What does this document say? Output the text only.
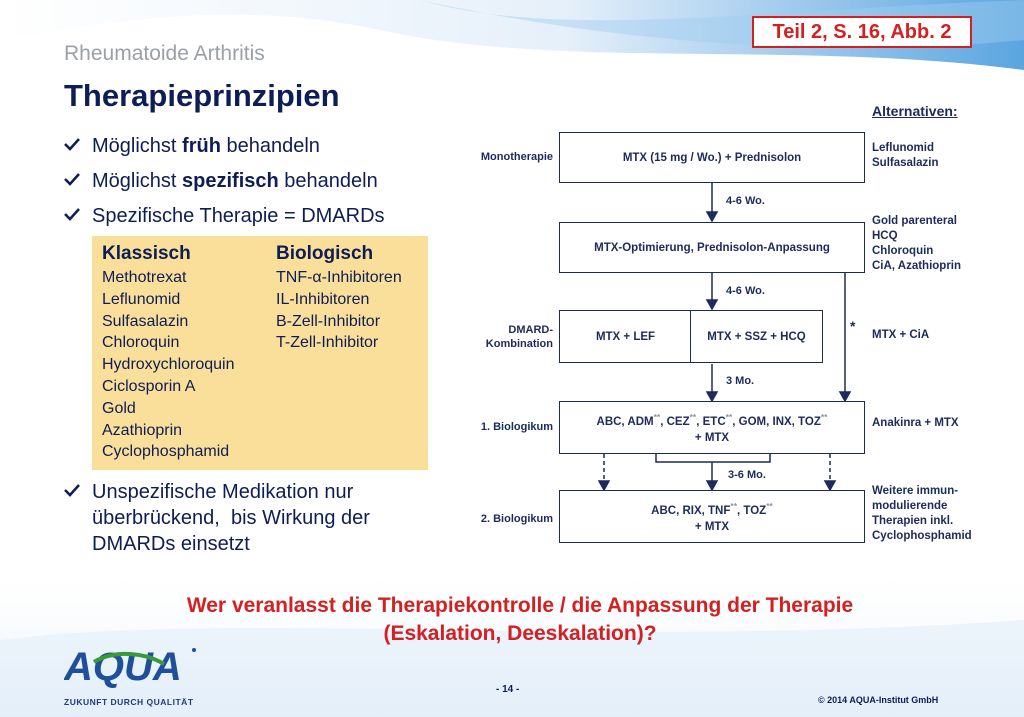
Teil 2, S. 16, Abb. 2
Rheumatoide Arthritis
Therapieprinzipien
Möglichst früh behandeln
Möglichst spezifisch behandeln
Spezifische Therapie = DMARDs
Klassisch
Methotrexat
Leflunomid
Sulfasalazin
Chloroquin
Hydroxychloroquin
Ciclosporin A
Gold
Azathioprin
Cyclophosphamid
Biologisch
TNF-α-Inhibitoren
IL-Inhibitoren
B-Zell-Inhibitor
T-Zell-Inhibitor
Unspezifische Medikation nur
überbrückend,  bis Wirkung der
DMARDs einsetzt
Alternativen:
Monotherapie	MTX (15 mg / Wo.) + Prednisolon
Leflunomid
Sulfasalazin
4-6 Wo.
MTX-Optimierung, Prednisolon-Anpassung
Gold parenteral
HCQ
Chloroquin
CiA, Azathioprin
4-6 Wo.
DMARD-
Kombination
MTX + LEF	MTX + SSZ + HCQ
*
MTX + CiA
3 Mo.
1. Biologikum	ABC, ADM**, CEZ**, ETC**, GOM, INX, TOZ**
+ MTX
Anakinra + MTX
3-6 Mo.
2. Biologikum
ABC, RIX, TNF**, TOZ**
+ MTX
Weitere immun-
modulierende
Therapien inkl.
Cyclophosphamid
Wer veranlasst die Therapiekontrolle / die Anpassung der Therapie
(Eskalation, Deeskalation)?
AQUA
ZUKUNFT DURCH QUALITÄT
- 14 -
© 2014 AQUA-Institut GmbH
